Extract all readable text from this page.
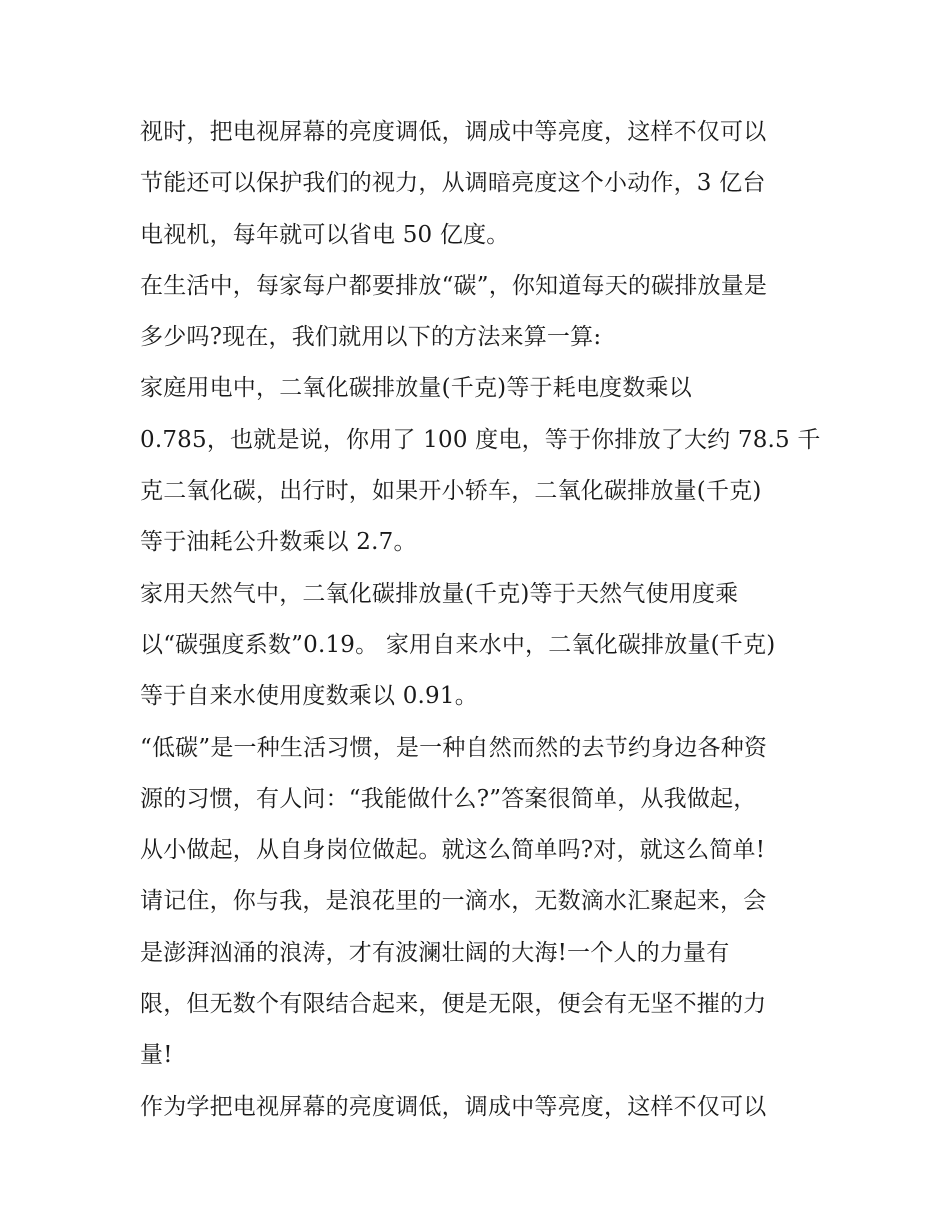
视时，把电视屏幕的亮度调低，调成中等亮度，这样不仅可以
节能还可以保护我们的视力，从调暗亮度这个小动作，3 亿台
电视机，每年就可以省电 50 亿度。
在生活中，每家每户都要排放“碳”，你知道每天的碳排放量是
多少吗?现在，我们就用以下的方法来算一算:
家庭用电中，二氧化碳排放量(千克)等于耗电度数乘以
0.785，也就是说，你用了 100 度电，等于你排放了大约 78.5 千
克二氧化碳，出行时，如果开小轿车，二氧化碳排放量(千克)
等于油耗公升数乘以 2.7。
家用天然气中，二氧化碳排放量(千克)等于天然气使用度乘
以“碳强度系数”0.19。 家用自来水中，二氧化碳排放量(千克)
等于自来水使用度数乘以 0.91。
“低碳”是一种生活习惯，是一种自然而然的去节约身边各种资
源的习惯，有人问：“我能做什么?”答案很简单，从我做起，
从小做起，从自身岗位做起。就这么简单吗?对，就这么简单!
请记住，你与我，是浪花里的一滴水，无数滴水汇聚起来，会
是澎湃汹涌的浪涛，才有波澜壮阔的大海!一个人的力量有
限，但无数个有限结合起来，便是无限，便会有无坚不摧的力
量!
作为学把电视屏幕的亮度调低，调成中等亮度，这样不仅可以
